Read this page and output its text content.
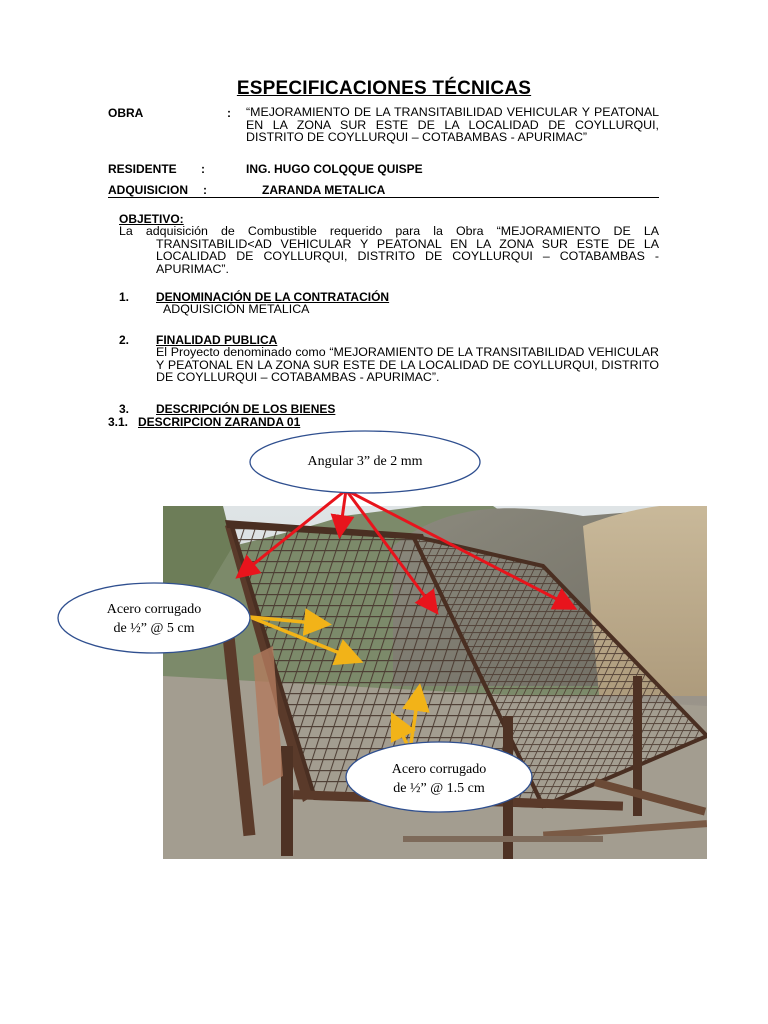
ESPECIFICACIONES TÉCNICAS
OBRA	: “MEJORAMIENTO DE LA TRANSITABILIDAD VEHICULAR Y PEATONAL EN LA ZONA SUR ESTE DE LA LOCALIDAD DE COYLLURQUI, DISTRITO DE COYLLURQUI – COTABAMBAS - APURIMAC”
RESIDENTE :	ING. HUGO COLQQUE QUISPE
ADQUISICION :	ZARANDA METALICA
OBJETIVO:
La adquisición de Combustible requerido para la Obra “MEJORAMIENTO DE LA TRANSITABILID<AD VEHICULAR Y PEATONAL EN LA ZONA SUR ESTE DE LA LOCALIDAD DE COYLLURQUI, DISTRITO DE COYLLURQUI – COTABAMBAS - APURIMAC”.
1. DENOMINACIÓN DE LA CONTRATACIÓN
ADQUISICIÓN METALICA
2. FINALIDAD PUBLICA
El Proyecto denominado como “MEJORAMIENTO DE LA TRANSITABILIDAD VEHICULAR Y PEATONAL EN LA ZONA SUR ESTE DE LA LOCALIDAD DE COYLLURQUI, DISTRITO DE COYLLURQUI – COTABAMBAS - APURIMAC”.
3. DESCRIPCIÓN DE LOS BIENES
3.1. DESCRIPCION ZARANDA 01
Angular 3” de 2 mm
Acero corrugado
de ½” @ 5 cm
Acero corrugado
de ½” @ 1.5 cm
